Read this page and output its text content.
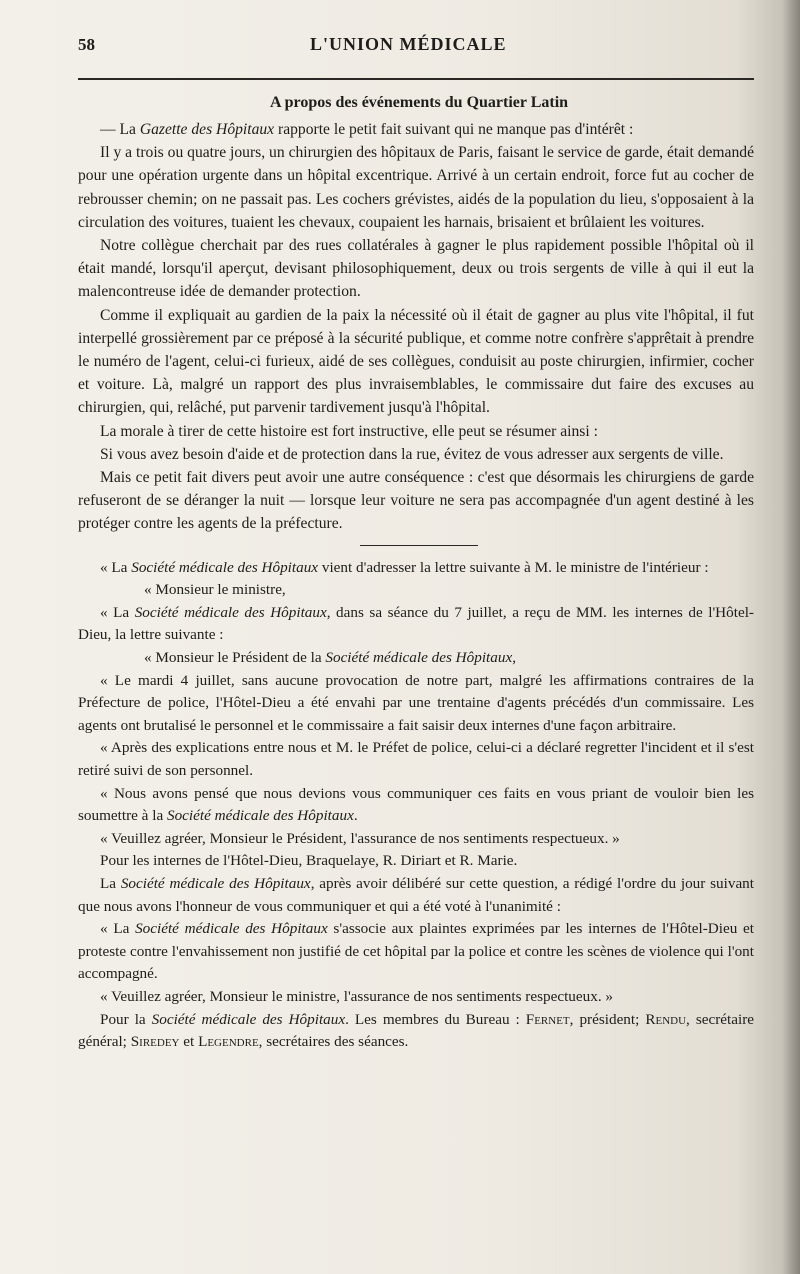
58	L'UNION MÉDICALE
A propos des événements du Quartier Latin

— La Gazette des Hôpitaux rapporte le petit fait suivant qui ne manque pas d'intérêt :

Il y a trois ou quatre jours, un chirurgien des hôpitaux de Paris, faisant le service de garde, était demandé pour une opération urgente dans un hôpital excentrique. Arrivé à un certain endroit, force fut au cocher de rebrousser chemin; on ne passait pas. Les cochers grévistes, aidés de la population du lieu, s'opposaient à la circulation des voitures, tuaient les chevaux, coupaient les harnais, brisaient et brûlaient les voitures.

Notre collègue cherchait par des rues collatérales à gagner le plus rapidement possible l'hôpital où il était mandé, lorsqu'il aperçut, devisant philosophiquement, deux ou trois sergents de ville à qui il eut la malencontreuse idée de demander protection.

Comme il expliquait au gardien de la paix la nécessité où il était de gagner au plus vite l'hôpital, il fut interpellé grossièrement par ce préposé à la sécurité publique, et comme notre confrère s'apprêtait à prendre le numéro de l'agent, celui-ci furieux, aidé de ses collègues, conduisit au poste chirurgien, infirmier, cocher et voiture. Là, malgré un rapport des plus invraisemblables, le commissaire dut faire des excuses au chirurgien, qui, relâché, put parvenir tardivement jusqu'à l'hôpital.

La morale à tirer de cette histoire est fort instructive, elle peut se résumer ainsi :

Si vous avez besoin d'aide et de protection dans la rue, évitez de vous adresser aux sergents de ville.

Mais ce petit fait divers peut avoir une autre conséquence : c'est que désormais les chirurgiens de garde refuseront de se déranger la nuit — lorsque leur voiture ne sera pas accompagnée d'un agent destiné à les protéger contre les agents de la préfecture.

« La Société médicale des Hôpitaux vient d'adresser la lettre suivante à M. le ministre de l'intérieur :

« Monsieur le ministre,

« La Société médicale des Hôpitaux, dans sa séance du 7 juillet, a reçu de MM. les internes de l'Hôtel-Dieu, la lettre suivante :

« Monsieur le Président de la Société médicale des Hôpitaux,

« Le mardi 4 juillet, sans aucune provocation de notre part, malgré les affirmations contraires de la Préfecture de police, l'Hôtel-Dieu a été envahi par une trentaine d'agents précédés d'un commissaire. Les agents ont brutalisé le personnel et le commissaire a fait saisir deux internes d'une façon arbitraire.

« Après des explications entre nous et M. le Préfet de police, celui-ci a déclaré regretter l'incident et il s'est retiré suivi de son personnel.

« Nous avons pensé que nous devions vous communiquer ces faits en vous priant de vouloir bien les soumettre à la Société médicale des Hôpitaux.

« Veuillez agréer, Monsieur le Président, l'assurance de nos sentiments respectueux. »

Pour les internes de l'Hôtel-Dieu, Braquelaye, R. Diriart et R. Marie.

La Société médicale des Hôpitaux, après avoir délibéré sur cette question, a rédigé l'ordre du jour suivant que nous avons l'honneur de vous communiquer et qui a été voté à l'unanimité :

« La Société médicale des Hôpitaux s'associe aux plaintes exprimées par les internes de l'Hôtel-Dieu et proteste contre l'envahissement non justifié de cet hôpital par la police et contre les scènes de violence qui l'ont accompagné.

« Veuillez agréer, Monsieur le ministre, l'assurance de nos sentiments respectueux. »

Pour la Société médicale des Hôpitaux. Les membres du Bureau : Fernet, président; Rendu, secrétaire général; Siredey et Legendre, secrétaires des séances.
